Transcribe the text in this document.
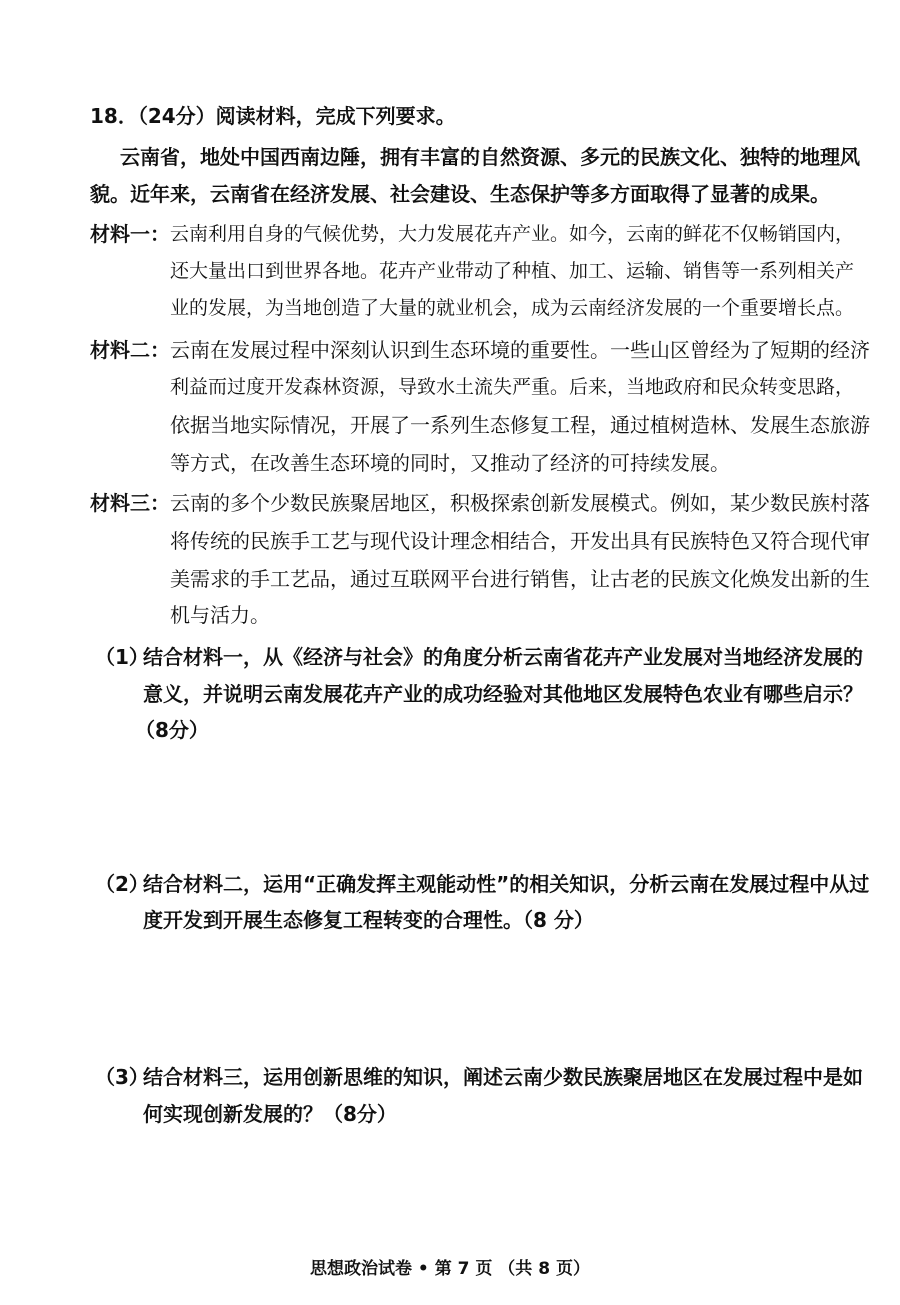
18．（24分）阅读材料，完成下列要求。
云南省，地处中国西南边陲，拥有丰富的自然资源、多元的民族文化、独特的地理风
貌。近年来，云南省在经济发展、社会建设、生态保护等多方面取得了显著的成果。
材料一： 云南利用自身的气候优势，大力发展花卉产业。如今，云南的鲜花不仅畅销国内，
还大量出口到世界各地。花卉产业带动了种植、加工、运输、销售等一系列相关产
业的发展，为当地创造了大量的就业机会，成为云南经济发展的一个重要增长点。
材料二： 云南在发展过程中深刻认识到生态环境的重要性。一些山区曾经为了短期的经济
利益而过度开发森林资源，导致水土流失严重。后来，当地政府和民众转变思路，
依据当地实际情况，开展了一系列生态修复工程，通过植树造林、发展生态旅游
等方式，在改善生态环境的同时，又推动了经济的可持续发展。
材料三： 云南的多个少数民族聚居地区，积极探索创新发展模式。例如，某少数民族村落
将传统的民族手工艺与现代设计理念相结合，开发出具有民族特色又符合现代审
美需求的手工艺品，通过互联网平台进行销售，让古老的民族文化焕发出新的生
机与活力。
（1）
结合材料一，从《经济与社会》的角度分析云南省花卉产业发展对当地经济发展的
意义，并说明云南发展花卉产业的成功经验对其他地区发展特色农业有哪些启示？
（8分）
（2）
结合材料二，运用“正确发挥主观能动性”的相关知识，分析云南在发展过程中从过
度开发到开展生态修复工程转变的合理性。（8 分）
（3）
结合材料三，运用创新思维的知识，阐述云南少数民族聚居地区在发展过程中是如
何实现创新发展的？（8分）
思想政治试卷 • 第 7 页 （共 8 页）
